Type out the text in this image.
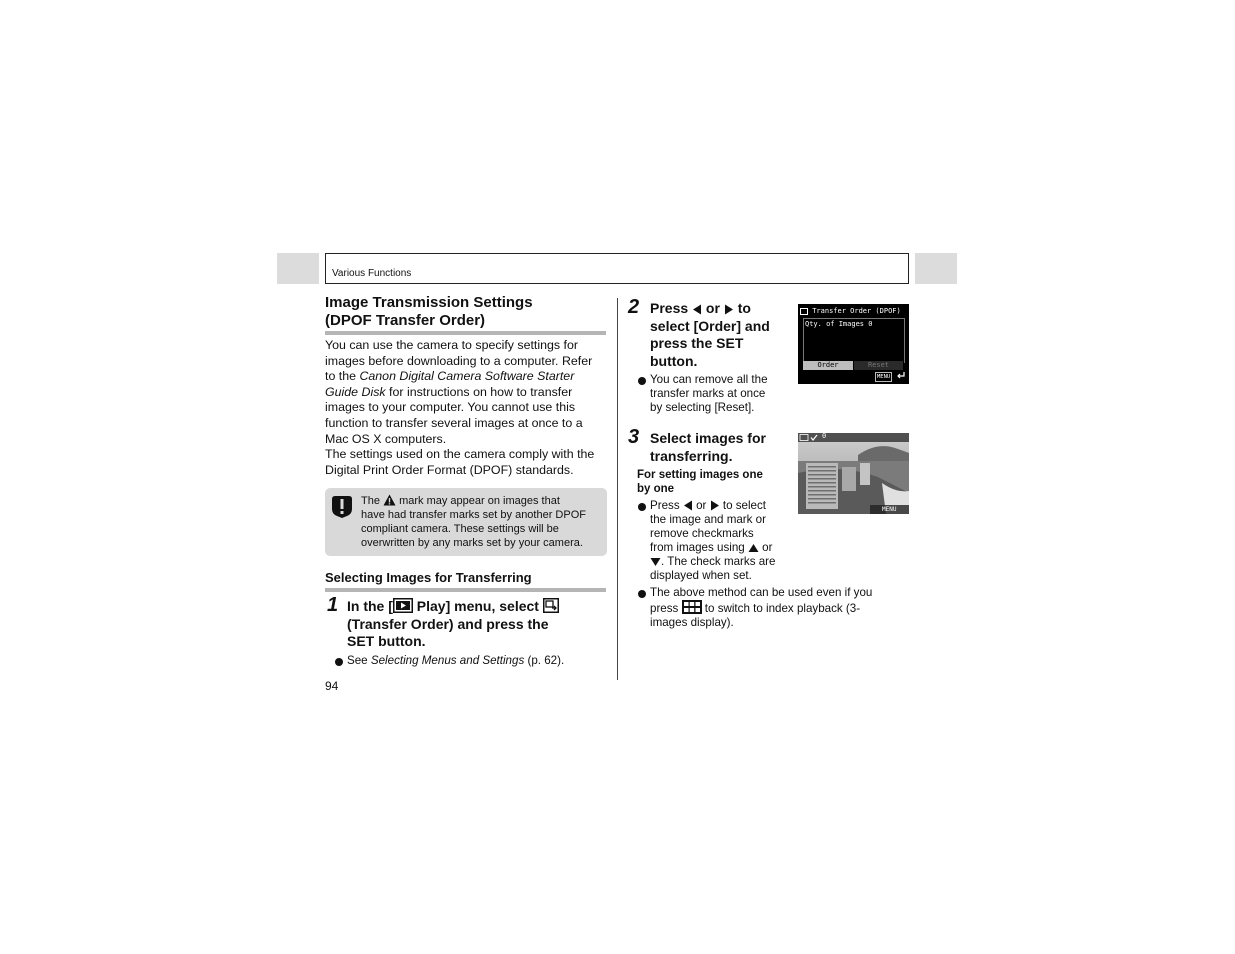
Various Functions
Image Transmission Settings
(DPOF Transfer Order)

You can use the camera to specify settings for

images before downloading to a computer. Refer

to the Canon Digital Camera Software Starter

Guide Disk for instructions on how to transfer

images to your computer. You cannot use this

function to transfer several images at once to a

Mac OS X computers.

The settings used on the camera comply with the

Digital Print Order Format (DPOF) standards.

The  mark may appear on images that
have had transfer marks set by another DPOF
compliant camera. These settings will be
overwritten by any marks set by your camera.
Selecting Images for Transferring
1 In the [ Play] menu, select
(Transfer Order) and press the
SET button.
See Selecting Menus and Settings (p. 62).
94
2 Press  or  to
select [Order] and
press the SET
button.
You can remove all the
transfer marks at once
by selecting [Reset].
Transfer Order (DPOF)
Qty. of Images 0
Order	Reset
MENU
3 Select images for
transferring.
For setting images one
by one
Press  or  to select
the image and mark or
remove checkmarks
from images using  or
. The check marks are
displayed when set.
The above method can be used even if you
press  to switch to index playback (3-
images display).
0
MENU
